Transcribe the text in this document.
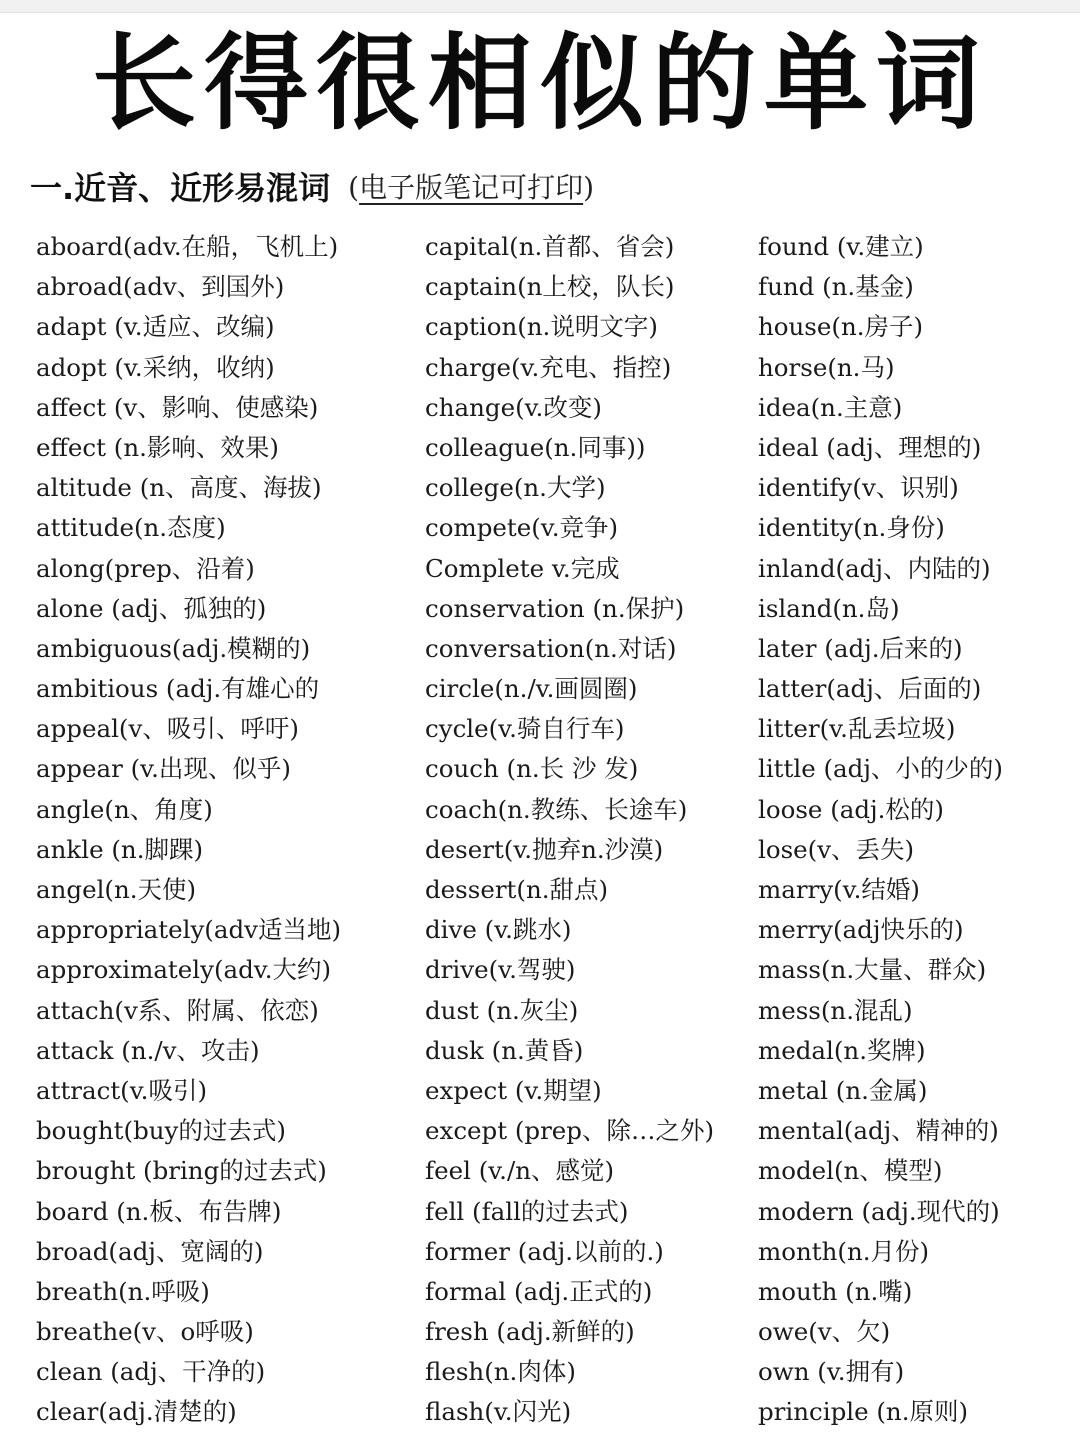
长得很相似的单词
一.近音、近形易混词 (电子版笔记可打印)
aboard(adv.在船，飞机上)
abroad(adv、到国外)
adapt (v.适应、改编)
adopt (v.采纳，收纳)
affect (v、影响、使感染)
effect (n.影响、效果)
altitude (n、高度、海拔)
attitude(n.态度)
along(prep、沿着)
alone (adj、孤独的)
ambiguous(adj.模糊的)
ambitious (adj.有雄心的
appeal(v、吸引、呼吁)
appear (v.出现、似乎)
angle(n、角度)
ankle (n.脚踝)
angel(n.天使)
appropriately(adv适当地)
approximately(adv.大约)
attach(v系、附属、依恋)
attack (n./v、攻击)
attract(v.吸引)
bought(buy的过去式)
brought (bring的过去式)
board (n.板、布告牌)
broad(adj、宽阔的)
breath(n.呼吸)
breathe(v、o呼吸)
clean (adj、干净的)
clear(adj.清楚的)
capital(n.首都、省会)
captain(n上校，队长)
caption(n.说明文字)
charge(v.充电、指控)
change(v.改变)
colleague(n.同事))
college(n.大学)
compete(v.竞争)
Complete v.完成
conservation (n.保护)
conversation(n.对话)
circle(n./v.画圆圈)
cycle(v.骑自行车)
couch (n.长 沙 发)
coach(n.教练、长途车)
desert(v.抛弃n.沙漠)
dessert(n.甜点)
dive (v.跳水)
drive(v.驾驶)
dust (n.灰尘)
dusk (n.黄昏)
expect (v.期望)
except (prep、除…之外)
feel (v./n、感觉)
fell (fall的过去式)
former (adj.以前的.)
formal (adj.正式的)
fresh (adj.新鲜的)
flesh(n.肉体)
flash(v.闪光)
found (v.建立)
fund (n.基金)
house(n.房子)
horse(n.马)
idea(n.主意)
ideal (adj、理想的)
identify(v、识别)
identity(n.身份)
inland(adj、内陆的)
island(n.岛)
later (adj.后来的)
latter(adj、后面的)
litter(v.乱丢垃圾)
little (adj、小的少的)
loose (adj.松的)
lose(v、丢失)
marry(v.结婚)
merry(adj快乐的)
mass(n.大量、群众)
mess(n.混乱)
medal(n.奖牌)
metal (n.金属)
mental(adj、精神的)
model(n、模型)
modern (adj.现代的)
month(n.月份)
mouth (n.嘴)
owe(v、欠)
own (v.拥有)
principle (n.原则)
